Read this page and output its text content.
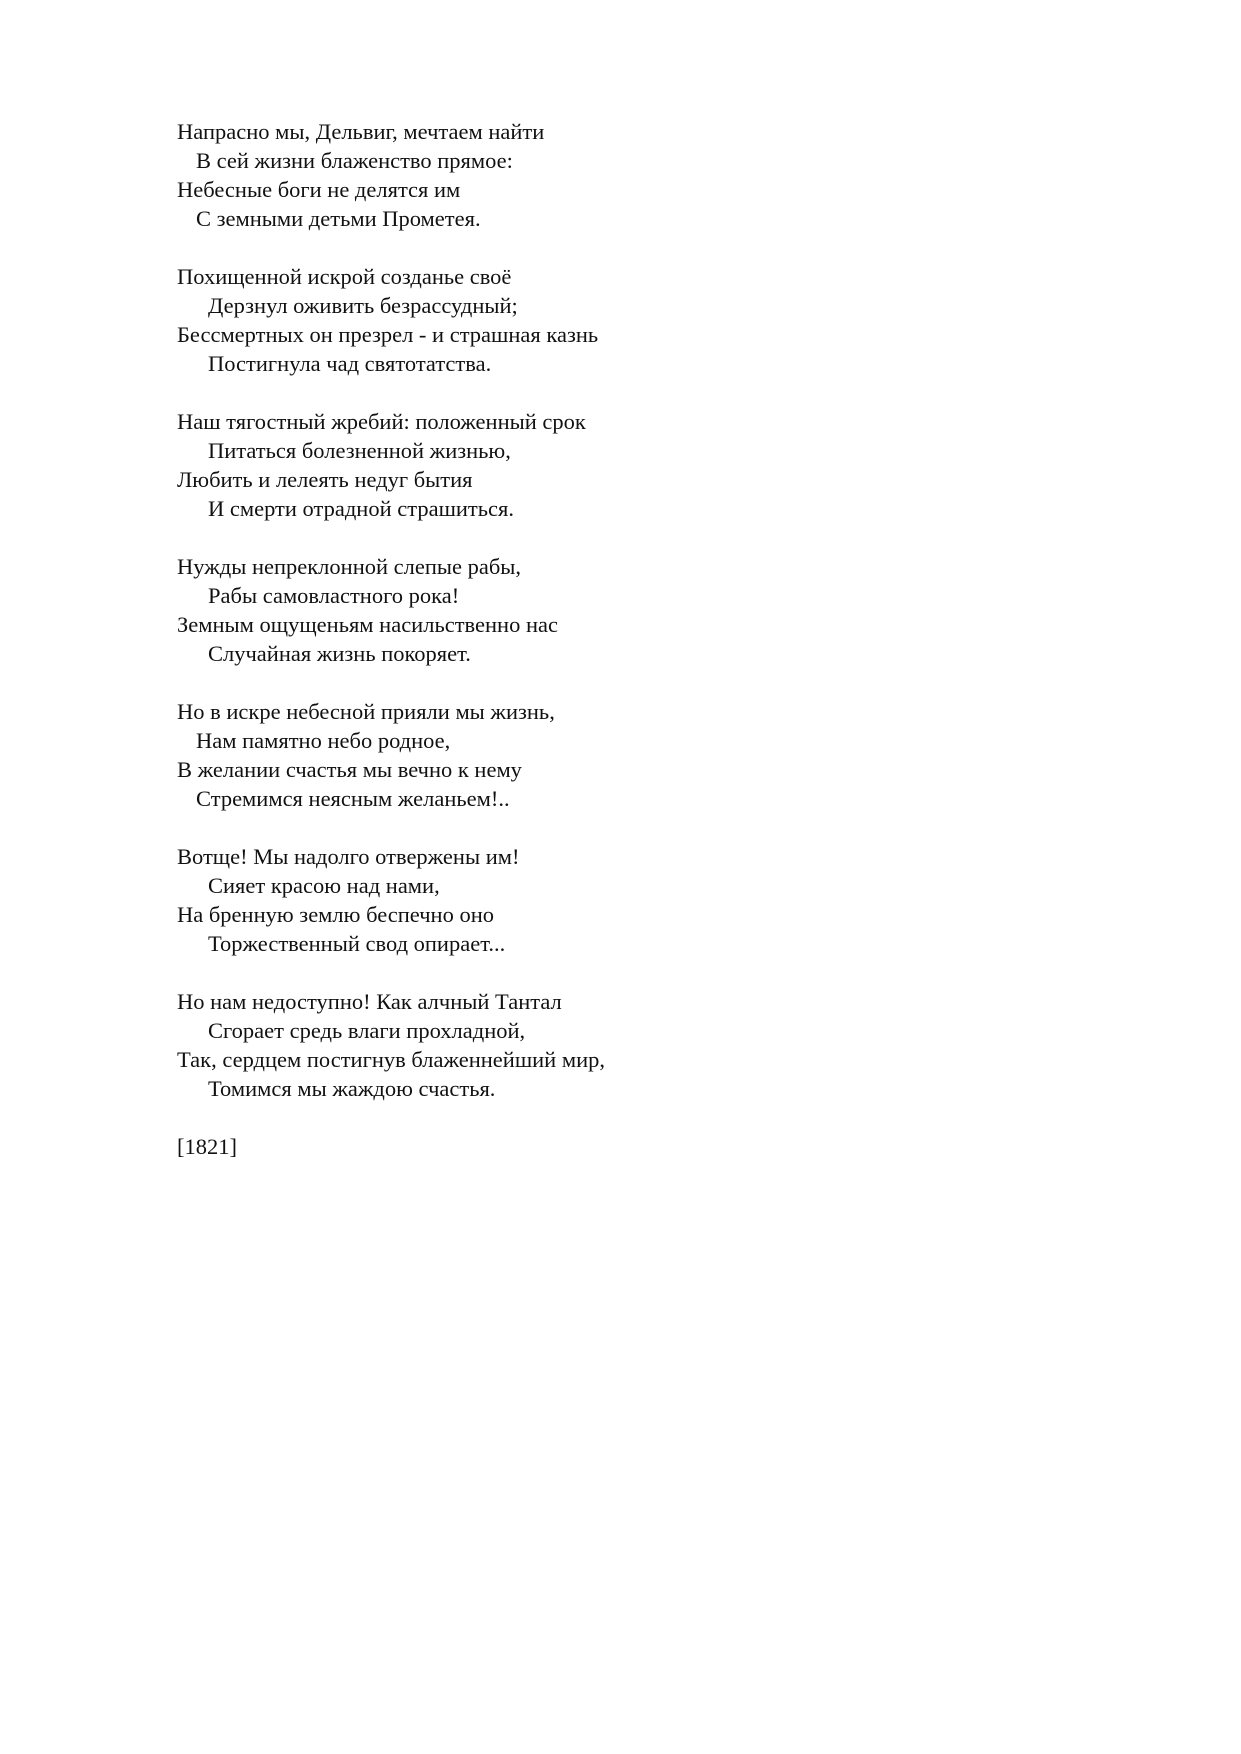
Напрасно мы, Дельвиг, мечтаем найти
В сей жизни блаженство прямое:
Небесные боги не делятся им
С земными детьми Прометея.
Похищенной искрой созданье своё
Дерзнул оживить безрассудный;
Бессмертных он презрел - и страшная казнь
Постигнула чад святотатства.
Наш тягостный жребий: положенный срок
Питаться болезненной жизнью,
Любить и лелеять недуг бытия
И смерти отрадной страшиться.
Нужды непреклонной слепые рабы,
Рабы самовластного рока!
Земным ощущеньям насильственно нас
Случайная жизнь покоряет.
Но в искре небесной прияли мы жизнь,
Нам памятно небо родное,
В желании счастья мы вечно к нему
Стремимся неясным желаньем!..
Вотще! Мы надолго отвержены им!
Сияет красою над нами,
На бренную землю беспечно оно
Торжественный свод опирает...
Но нам недоступно! Как алчный Тантал
Сгорает средь влаги прохладной,
Так, сердцем постигнув блаженнейший мир,
Томимся мы жаждою счастья.
[1821]
